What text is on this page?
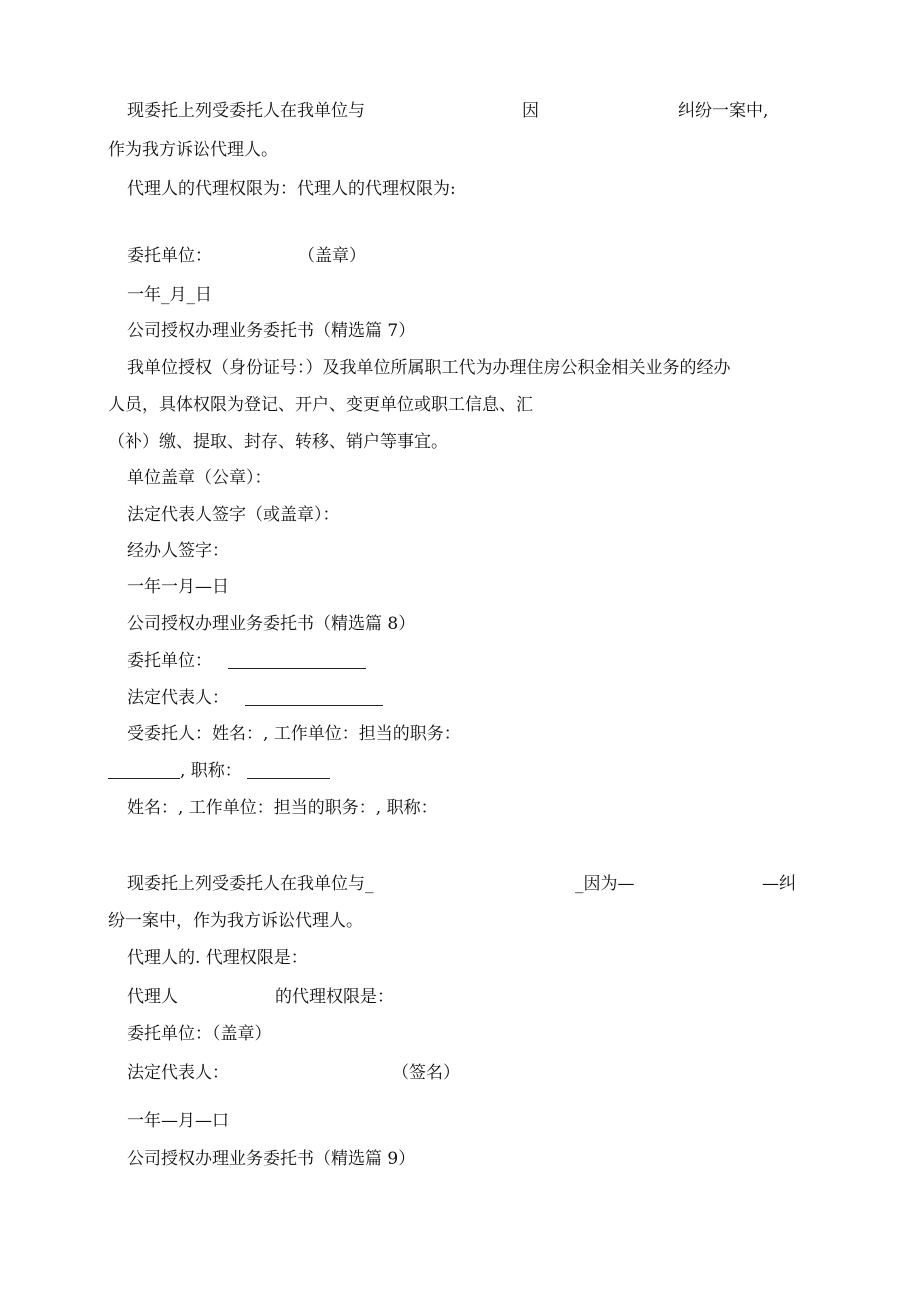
现委托上列受委托人在我单位与	因	纠纷一案中,
作为我方诉讼代理人。
代理人的代理权限为：代理人的代理权限为:
委托单位：	（盖章）
一年_月_日
公司授权办理业务委托书（精选篇 7）
我单位授权（身份证号：）及我单位所属职工代为办理住房公积金相关业务的经办
人员，具体权限为登记、开户、变更单位或职工信息、汇
（补）缴、提取、封存、转移、销户等事宜。
单位盖章（公章）：
法定代表人签字（或盖章）：
经办人签字：
一年一月—日
公司授权办理业务委托书（精选篇 8）
委托单位：
法定代表人：
受委托人：姓名：, 工作单位：担当的职务：
, 职称：
姓名：, 工作单位：担当的职务：, 职称：
现委托上列受委托人在我单位与_	_因为—	—纠
纷一案中，作为我方诉讼代理人。
代理人的. 代理权限是：
代理人	的代理权限是：
委托单位：（盖章）
法定代表人：	（签名）
一年—月—口
公司授权办理业务委托书（精选篇 9）
